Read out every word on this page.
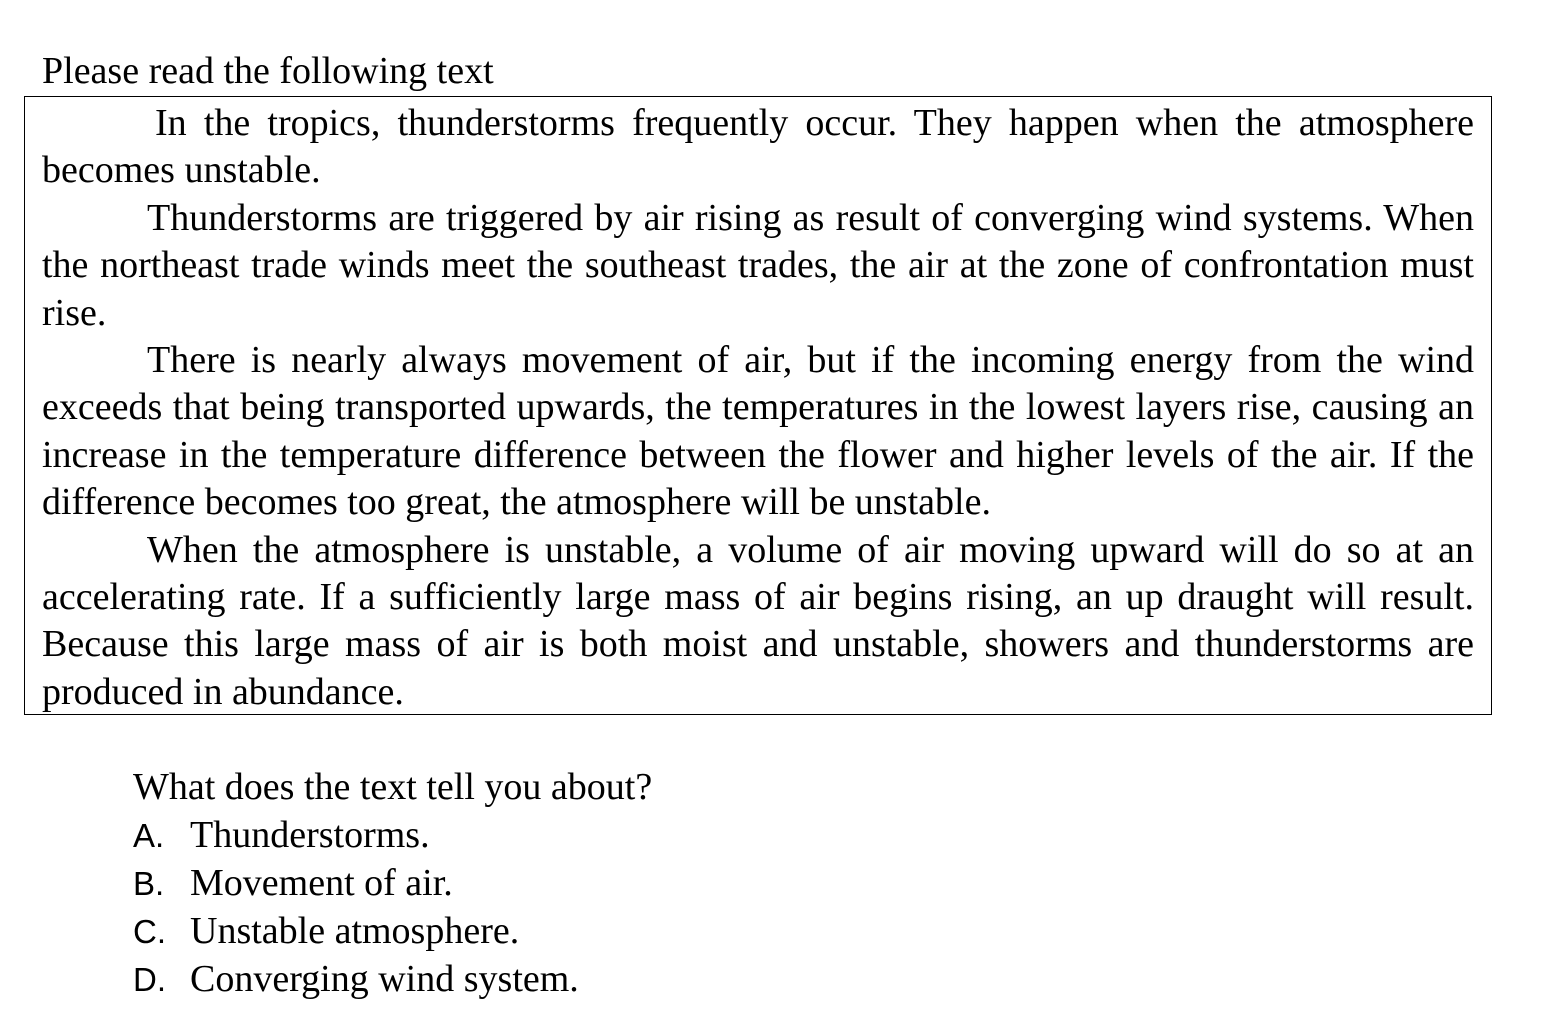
Please read the following text

In the tropics, thunderstorms frequently occur. They happen when the atmosphere becomes unstable.

Thunderstorms are triggered by air rising as result of converging wind systems. When the northeast trade winds meet the southeast trades, the air at the zone of confrontation must rise.

There is nearly always movement of air, but if the incoming energy from the wind exceeds that being transported upwards, the temperatures in the lowest layers rise, causing an increase in the temperature difference between the flower and higher levels of the air. If the difference becomes too great, the atmosphere will be unstable.

When the atmosphere is unstable, a volume of air moving upward will do so at an accelerating rate. If a sufficiently large mass of air begins rising, an up draught will result. Because this large mass of air is both moist and unstable, showers and thunderstorms are produced in abundance.

What does the text tell you about?

A. Thunderstorms.
B. Movement of air.
C. Unstable atmosphere.
D. Converging wind system.
